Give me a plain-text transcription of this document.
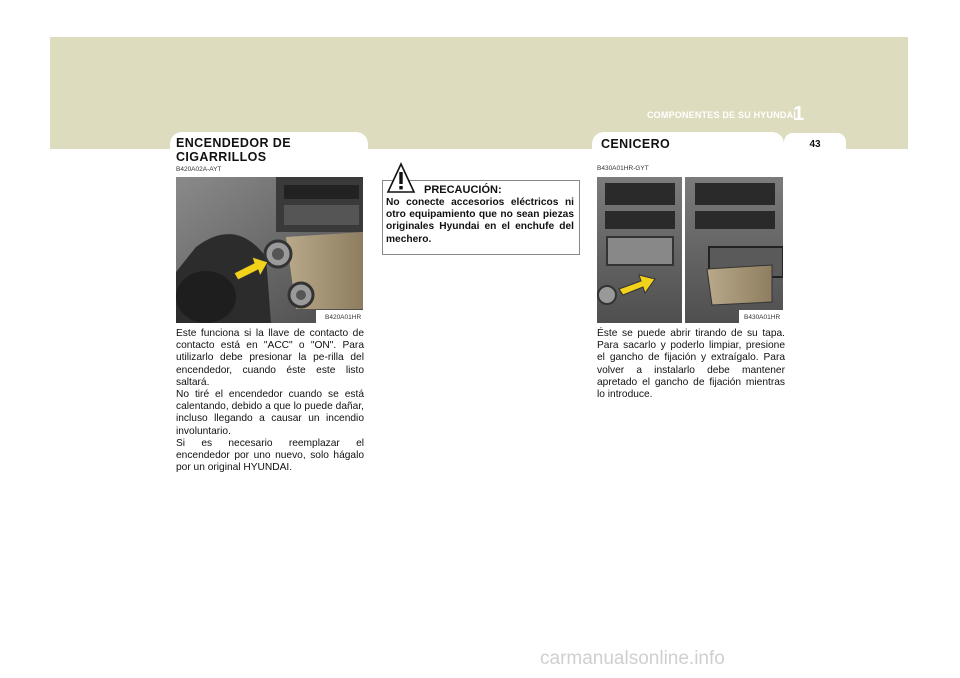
COMPONENTES DE SU HYUNDAI
1
43
ENCENDEDOR DE
CIGARRILLOS
B420A02A-AYT
B420A01HR

Este funciona si la llave de contacto de contacto está en "ACC" o "ON". Para utilizarlo debe presionar la pe-rilla del encendedor, cuando éste este listo saltará.

No tiré el encendedor cuando se está calentando, debido a que lo puede dañar, incluso llegando a causar un incendio involuntario.

Si es necesario reemplazar el encendedor por uno nuevo, solo hágalo por un original HYUNDAI.

PRECAUCIÓN:
No conecte accesorios eléctricos ni otro equipamiento que no sean piezas originales Hyundai en el enchufe del mechero.
CENICERO
B430A01HR-GYT
B430A01HR

Éste se puede abrir tirando de su tapa. Para sacarlo y poderlo limpiar, presione el gancho de fijación y extraígalo. Para volver a instalarlo debe mantener apretado el gancho de fijación mientras lo introduce.

carmanualsonline.info
